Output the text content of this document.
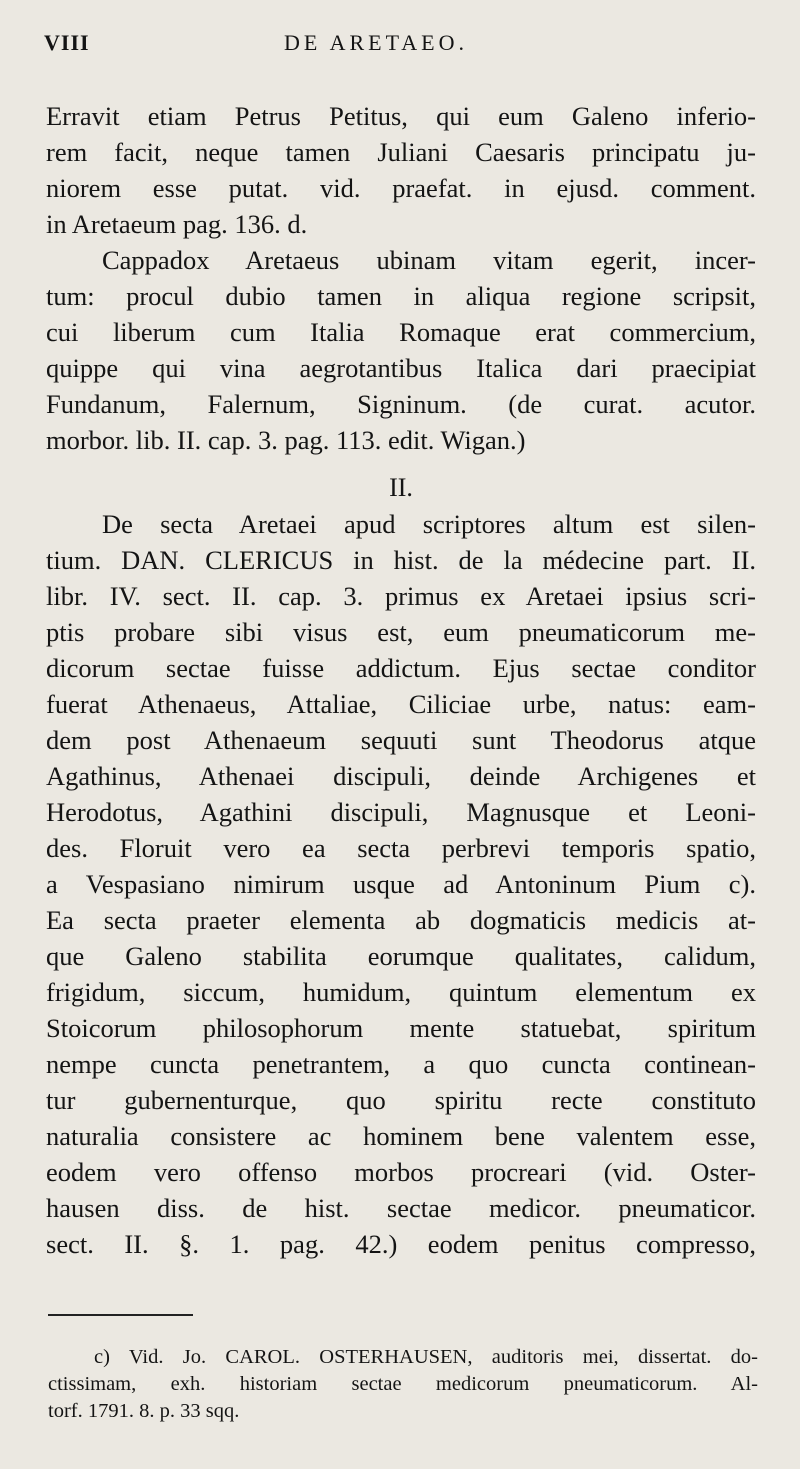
VIII	DE ARETAEO.
Erravit etiam Petrus Petitus, qui eum Galeno inferio-
rem facit, neque tamen Juliani Caesaris principatu ju-
niorem esse putat. vid. praefat. in ejusd. comment.
in Aretaeum pag. 136. d.
Cappadox Aretaeus ubinam vitam egerit, incer-
tum: procul dubio tamen in aliqua regione scripsit,
cui liberum cum Italia Romaque erat commercium,
quippe qui vina aegrotantibus Italica dari praecipiat
Fundanum, Falernum, Signinum. (de curat. acutor.
morbor. lib. II. cap. 3. pag. 113. edit. Wigan.)
II.
De secta Aretaei apud scriptores altum est silen-
tium. DAN. CLERICUS in hist. de la médecine part. II.
libr. IV. sect. II. cap. 3. primus ex Aretaei ipsius scri-
ptis probare sibi visus est, eum pneumaticorum me-
dicorum sectae fuisse addictum. Ejus sectae conditor
fuerat Athenaeus, Attaliae, Ciliciae urbe, natus: eam-
dem post Athenaeum sequuti sunt Theodorus atque
Agathinus, Athenaei discipuli, deinde Archigenes et
Herodotus, Agathini discipuli, Magnusque et Leoni-
des. Floruit vero ea secta perbrevi temporis spatio,
a Vespasiano nimirum usque ad Antoninum Pium c).
Ea secta praeter elementa ab dogmaticis medicis at-
que Galeno stabilita eorumque qualitates, calidum,
frigidum, siccum, humidum, quintum elementum ex
Stoicorum philosophorum mente statuebat, spiritum
nempe cuncta penetrantem, a quo cuncta continean-
tur gubernenturque, quo spiritu recte constituto
naturalia consistere ac hominem bene valentem esse,
eodem vero offenso morbos procreari (vid. Oster-
hausen diss. de hist. sectae medicor. pneumaticor.
sect. II. §. 1. pag. 42.) eodem penitus compresso,
c) Vid. Jo. CAROL. OSTERHAUSEN, auditoris mei, dissertat. do-
ctissimam, exh. historiam sectae medicorum pneumaticorum. Al-
torf. 1791. 8. p. 33 sqq.
